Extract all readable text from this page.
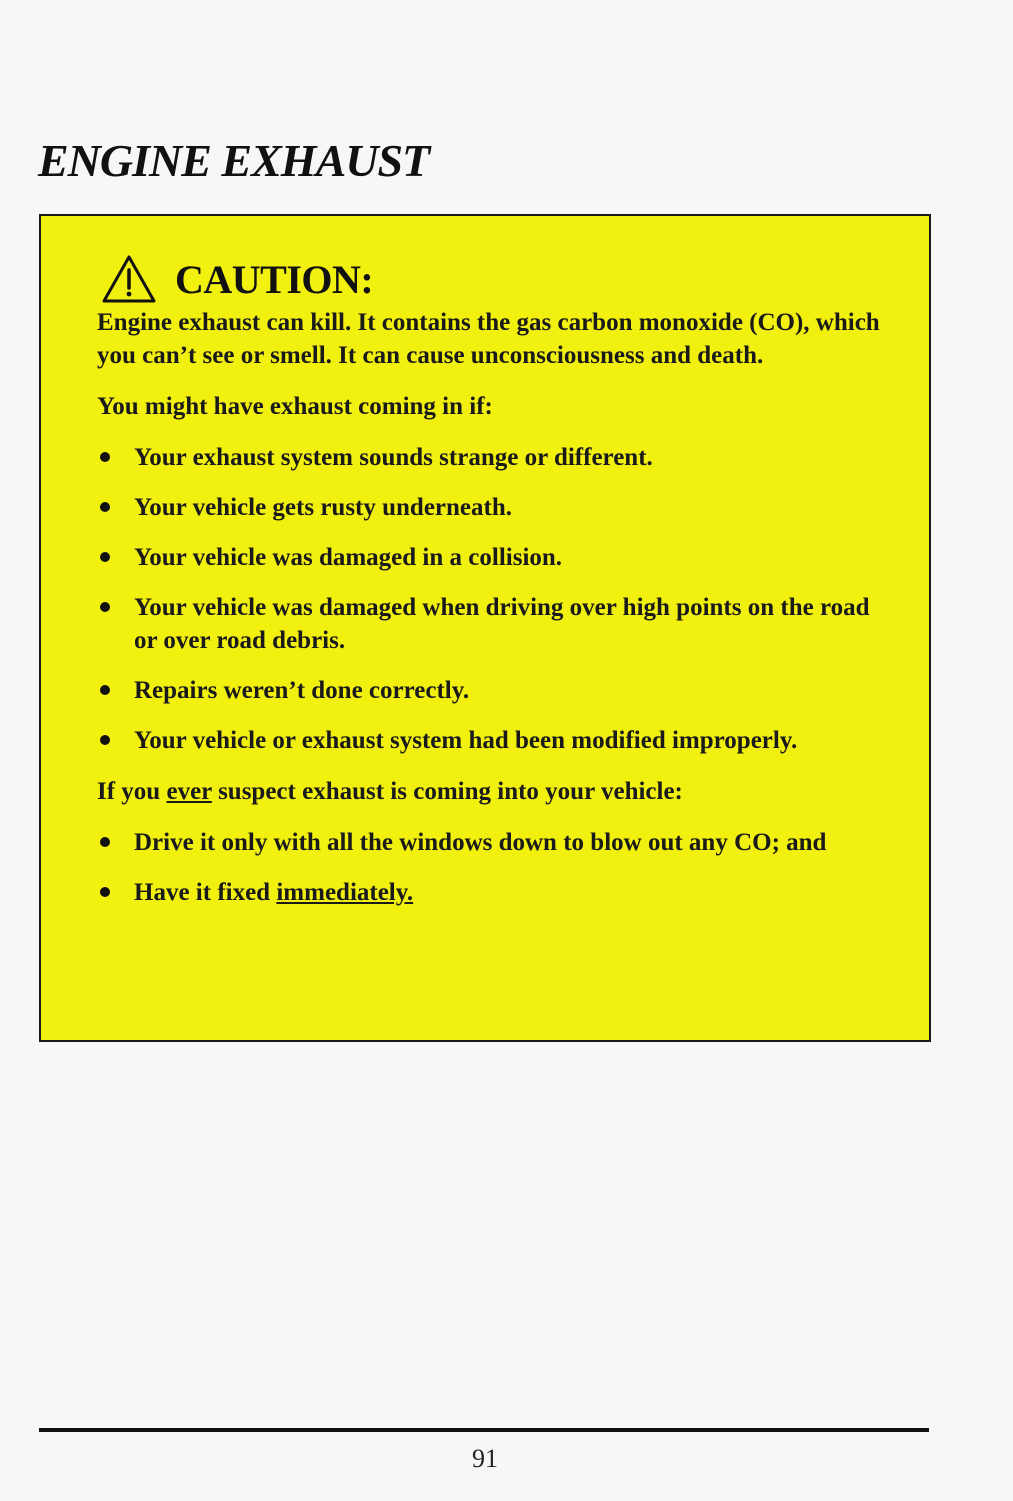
ENGINE EXHAUST
CAUTION:

Engine exhaust can kill. It contains the gas carbon monoxide (CO), which you can’t see or smell. It can cause unconsciousness and death.

You might have exhaust coming in if:

Your exhaust system sounds strange or different.
Your vehicle gets rusty underneath.
Your vehicle was damaged in a collision.
Your vehicle was damaged when driving over high points on the road or over road debris.
Repairs weren’t done correctly.
Your vehicle or exhaust system had been modified improperly.

If you ever suspect exhaust is coming into your vehicle:

Drive it only with all the windows down to blow out any CO; and
Have it fixed immediately.
91
